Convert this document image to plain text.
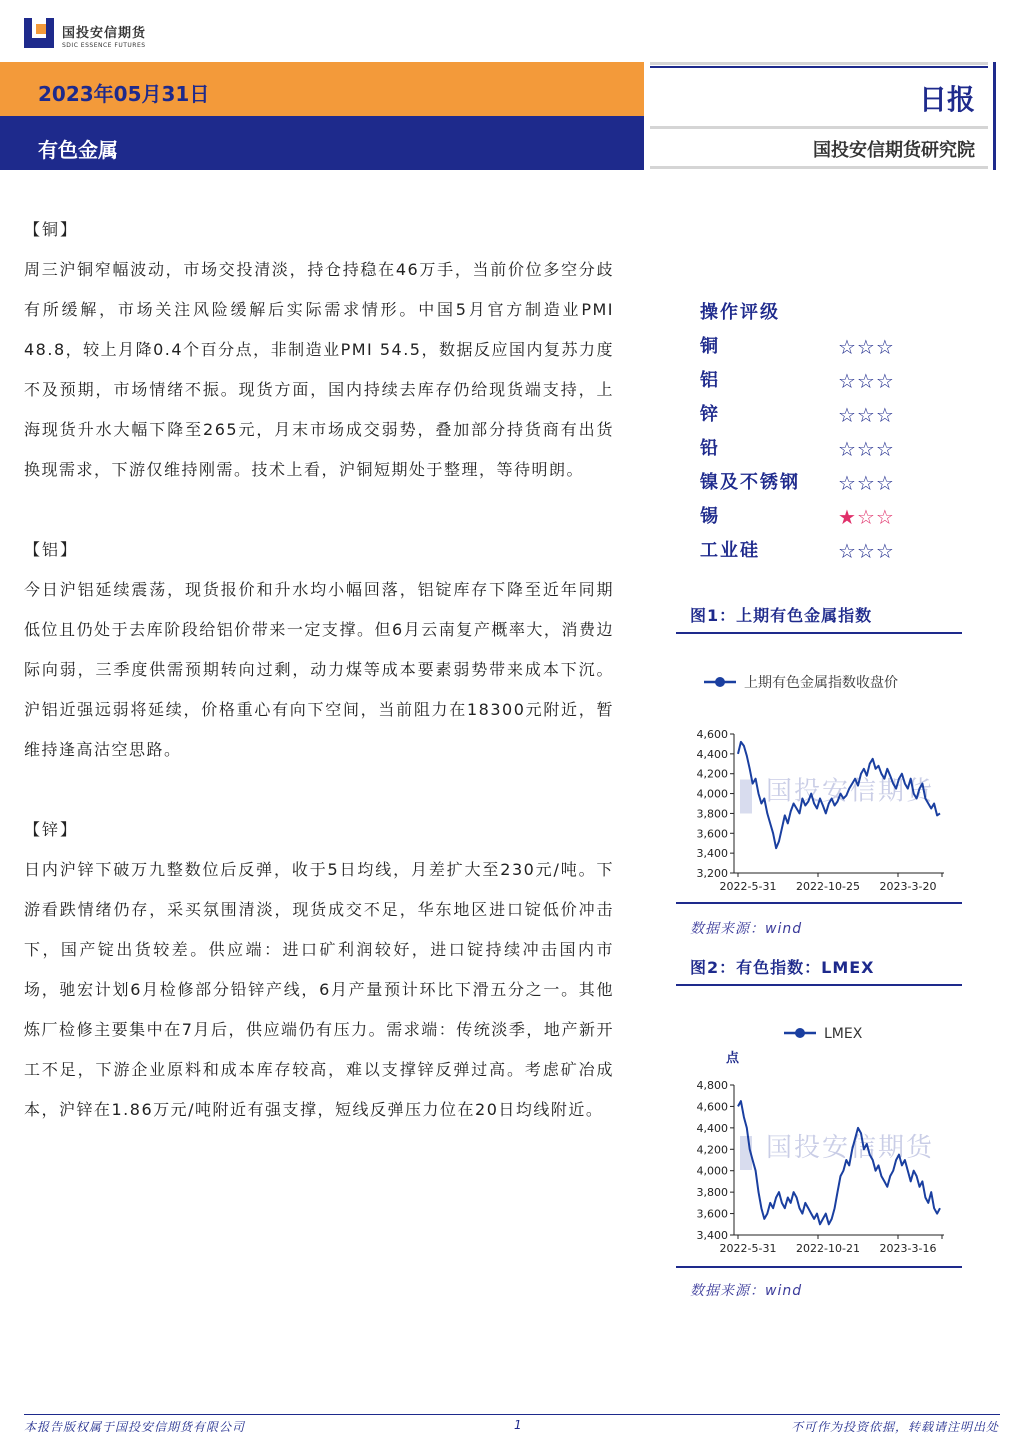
国投安信期货
SDIC ESSENCE FUTURES
2023年05月31日
有色金属
日报
国投安信期货研究院
【铜】
周三沪铜窄幅波动，市场交投清淡，持仓持稳在46万手，当前价位多空分歧有所缓解，市场关注风险缓解后实际需求情形。中国5月官方制造业PMI 48.8，较上月降0.4个百分点，非制造业PMI 54.5，数据反应国内复苏力度不及预期，市场情绪不振。现货方面，国内持续去库存仍给现货端支持，上海现货升水大幅下降至265元，月末市场成交弱势，叠加部分持货商有出货换现需求，下游仅维持刚需。技术上看，沪铜短期处于整理，等待明朗。
【铝】
今日沪铝延续震荡，现货报价和升水均小幅回落，铝锭库存下降至近年同期低位且仍处于去库阶段给铝价带来一定支撑。但6月云南复产概率大，消费边际向弱，三季度供需预期转向过剩，动力煤等成本要素弱势带来成本下沉。沪铝近强远弱将延续，价格重心有向下空间，当前阻力在18300元附近，暂维持逢高沽空思路。
【锌】
日内沪锌下破万九整数位后反弹，收于5日均线，月差扩大至230元/吨。下游看跌情绪仍存，采买氛围清淡，现货成交不足，华东地区进口锭低价冲击下，国产锭出货较差。供应端：进口矿利润较好，进口锭持续冲击国内市场，驰宏计划6月检修部分铅锌产线，6月产量预计环比下滑五分之一。其他炼厂检修主要集中在7月后，供应端仍有压力。需求端：传统淡季，地产新开工不足，下游企业原料和成本库存较高，难以支撑锌反弹过高。考虑矿冶成本，沪锌在1.86万元/吨附近有强支撑，短线反弹压力位在20日均线附近。
操作评级
铜	☆☆☆
铝	☆☆☆
锌	☆☆☆
铅	☆☆☆
镍及不锈钢 ☆☆☆
锡	★☆☆
工业硅	☆☆☆
图1：上期有色金属指数
上期有色金属指数收盘价
3,200
3,400
3,600
3,800
4,000
4,200
4,400
4,600
国投安信期货
2022-5-31 2022-10-25 2023-3-20
数据来源：wind
图2：有色指数：LMEX
LMEX
点
3,400
3,600
3,800
4,000
4,200
4,400
4,600
4,800
国投安信期货
2022-5-31 2022-10-21 2023-3-16
数据来源：wind
本报告版权属于国投安信期货有限公司	1	不可作为投资依据，转载请注明出处
